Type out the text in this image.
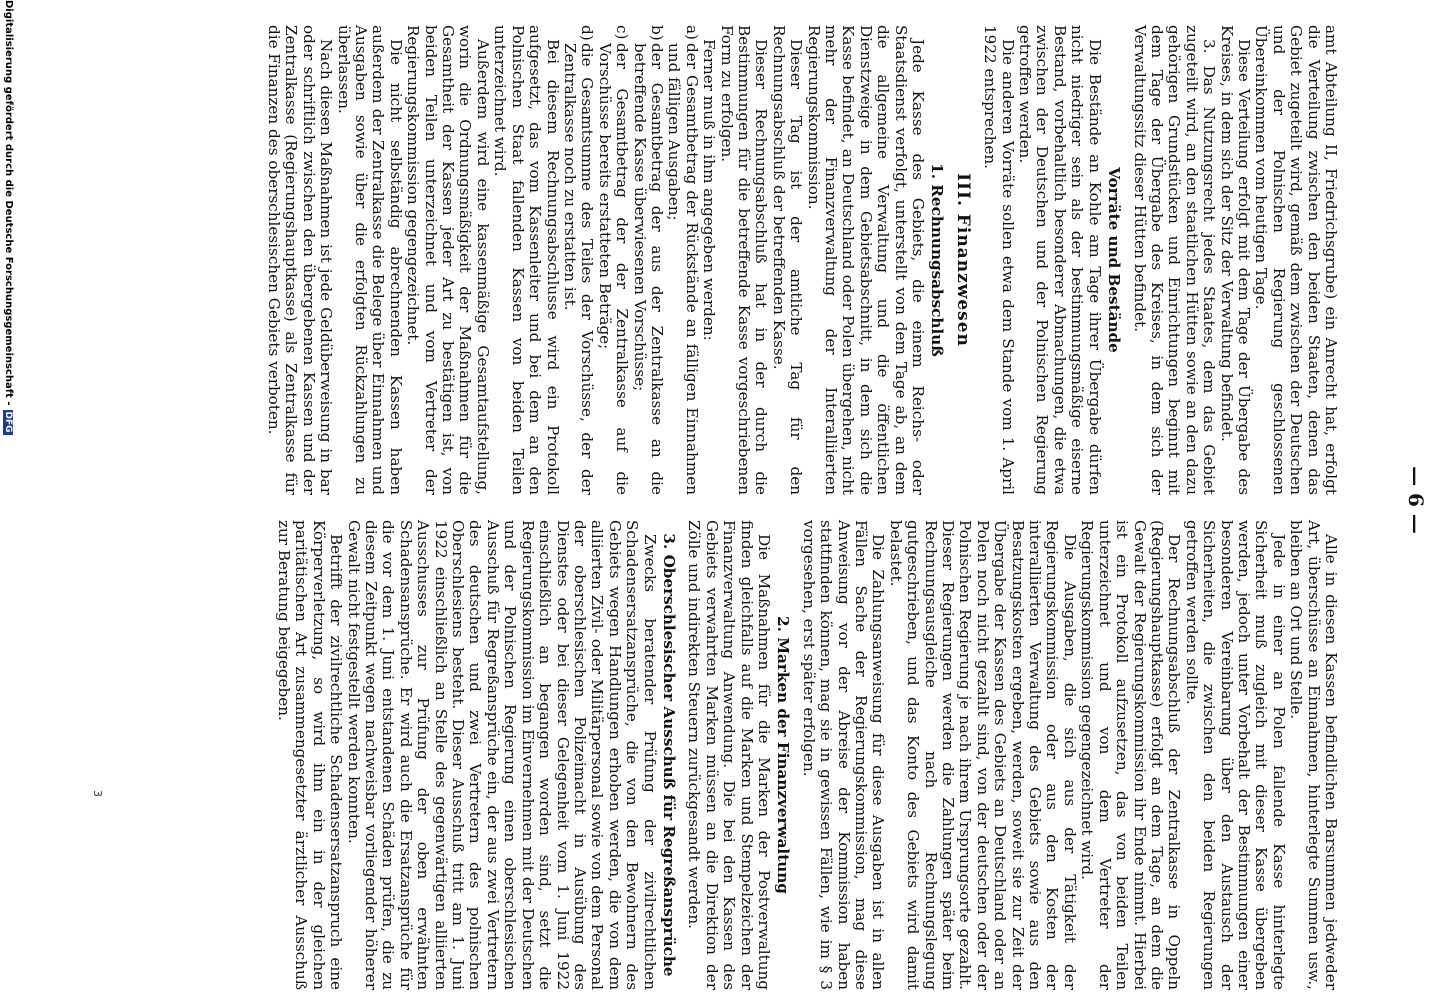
— 6 —

amt Abteilung II, Friedrichsgrube) ein Anrecht hat, erfolgt die Verteilung zwischen den beiden Staaten, denen das Gebiet zugeteilt wird, gemäß dem zwischen der Deutschen und der Polnischen Regierung geschlossenen Übereinkommen vom heutigen Tage.

Diese Verteilung erfolgt mit dem Tage der Übergabe des Kreises, in dem sich der Sitz der Verwaltung befindet.

3. Das Nutzungsrecht jedes Staates, dem das Gebiet zugeteilt wird, an den staatlichen Hütten sowie an den dazu gehörigen Grundstücken und Einrichtungen beginnt mit dem Tage der Übergabe des Kreises, in dem sich der Verwaltungssitz dieser Hütten befindet.

Vorräte und Bestände

Die Bestände an Kohle am Tage ihrer Übergabe dürfen nicht niedriger sein als der bestimmungsmäßige eiserne Bestand, vorbehaltlich besonderer Abmachungen, die etwa zwischen der Deutschen und der Polnischen Regierung getroffen werden.

Die anderen Vorräte sollen etwa dem Stande vom 1. April 1922 entsprechen.

III. Finanzwesen
1. Rechnungsabschluß

Jede Kasse des Gebiets, die einem Reichs- oder Staatsdienst verfolgt, unterstellt von dem Tage ab, an dem die allgemeine Verwaltung und die öffentlichen Dienstzweige in dem Gebietsabschnitt, in dem sich die Kasse befindet, an Deutschland oder Polen übergehen, nicht mehr der Finanzverwaltung der Interalliierten Regierungskommission.

Dieser Tag ist der amtliche Tag für den Rechnungsabschluß der betreffenden Kasse.

Dieser Rechnungsabschluß hat in der durch die Bestimmungen für die betreffende Kasse vorgeschriebenen Form zu erfolgen.

Ferner muß in ihm angegeben werden:

a)
der Gesamtbetrag der Rückstände an fälligen Einnahmen und fälligen Ausgaben;

b)
der Gesamtbetrag der aus der Zentralkasse an die betreffende Kasse überwiesenen Vorschüsse;

c)
der Gesamtbetrag der der Zentralkasse auf die Vorschüsse bereits erstatteten Beträge;

d)
die Gesamtsumme des Teiles der Vorschüsse, der der Zentralkasse noch zu erstatten ist.

Bei diesem Rechnungsabschlusse wird ein Protokoll aufgesetzt, das vom Kassenleiter und bei dem an den Polnischen Staat fallenden Kassen von beiden Teilen unterzeichnet wird.

Außerdem wird eine kassenmäßige Gesamtaufstellung, worin die Ordnungsmäßigkeit der Maßnahmen für die Gesamtheit der Kassen jeder Art zu bestätigen ist, von beiden Teilen unterzeichnet und vom Vertreter der Regierungskommission gegengezeichnet.

Die nicht selbständig abrechnenden Kassen haben außerdem der Zentralkasse die Belege über Einnahmen und Ausgaben sowie über die erfolgten Rückzahlungen zu überlassen.

Nach diesen Maßnahmen ist jede Geldüberweisung in bar oder schriftlich zwischen den übergebenen Kassen und der Zentralkasse (Regierungshauptkasse) als Zentralkasse für die Finanzen des oberschlesischen Gebiets verboten.

Alle in diesen Kassen befindlichen Barsummen jedweder Art, überschüsse an Einnahmen, hinterlegte Summen usw., bleiben an Ort und Stelle.

Jede in einer an Polen fallende Kasse hinterlegte Sicherheit muß zugleich mit dieser Kasse übergeben werden, jedoch unter Vorbehalt der Bestimmungen einer besonderen Vereinbarung über den Austausch der Sicherheiten, die zwischen den beiden Regierungen getroffen werden sollte.

Der Rechnungsabschluß der Zentralkasse in Oppeln (Regierungshauptkasse) erfolgt an dem Tage, an dem die Gewalt der Regierungskommission ihr Ende nimmt. Hierbei ist ein Protokoll aufzusetzen, das von beiden Teilen unterzeichnet und von dem Vertreter der Regierungskommission gegengezeichnet wird.

Die Ausgaben, die sich aus der Tätigkeit der Regierungskommission oder aus den Kosten der interalliierten Verwaltung des Gebiets sowie aus den Besatzungskosten ergeben, werden, soweit sie zur Zeit der Übergabe der Kassen des Gebiets an Deutschland oder an Polen noch nicht gezahlt sind, von der deutschen oder der Polnischen Regierung je nach ihrem Ursprungsorte gezahlt. Dieser Regierungen werden die Zahlungen später beim Rechnungsausgleiche nach Rechnungslegung gutgeschrieben, und das Konto des Gebiets wird damit belastet.

Die Zahlungsanweisung für diese Ausgaben ist in allen Fällen Sache der Regierungskommission, mag diese Anweisung vor der Abreise der Kommission haben stattfinden können, mag sie in gewissen Fällen, wie im § 3 vorgesehen, erst später erfolgen.

2. Marken der Finanzverwaltung

Die Maßnahmen für die Marken der Postverwaltung finden gleichfalls auf die Marken und Stempelzeichen der Finanzverwaltung Anwendung. Die bei den Kassen des Gebiets verwahrten Marken müssen an die Direktion der Zölle und indirekten Steuern zurückgesandt werden.

3. Oberschlesischer Ausschuß für Regreßansprüche

Zwecks beratender Prüfung der zivilrechtlichen Schadensersatzansprüche, die von den Bewohnern des Gebiets wegen Handlungen erhoben werden, die von dem alliierten Zivil- oder Militärpersonal sowie von dem Personal der oberschlesischen Polizeimacht in Ausübung des Dienstes oder bei dieser Gelegenheit vom 1. Juni 1922 einschließlich an begangen worden sind, setzt die Regierungskommission im Einvernehmen mit der Deutschen und der Polnischen Regierung einen oberschlesischen Ausschuß für Regreßansprüche ein, der aus zwei Vertretern des deutschen und zwei Vertretern des polnischen Oberschlesiens besteht. Dieser Ausschuß tritt am 1. Juni 1922 einschließlich an Stelle des gegenwärtigen alliierten Ausschusses zur Prüfung der oben erwähnten Schadensansprüche. Er wird auch die Ersatzansprüche für die vor dem 1. Juni entstandenen Schäden prüfen, die zu diesem Zeitpunkt wegen nachweisbar vorliegender höherer Gewalt nicht festgestellt werden konnten.

Betrifft der zivilrechtliche Schadensersatzanspruch eine Körperverletzung, so wird ihm ein in der gleichen paritätischen Art zusammengesetzter ärztlicher Ausschuß zur Beratung beigegeben.

3
Digitalisierung gefördert durch die Deutsche Forschungsgemeinschaft -DFG
